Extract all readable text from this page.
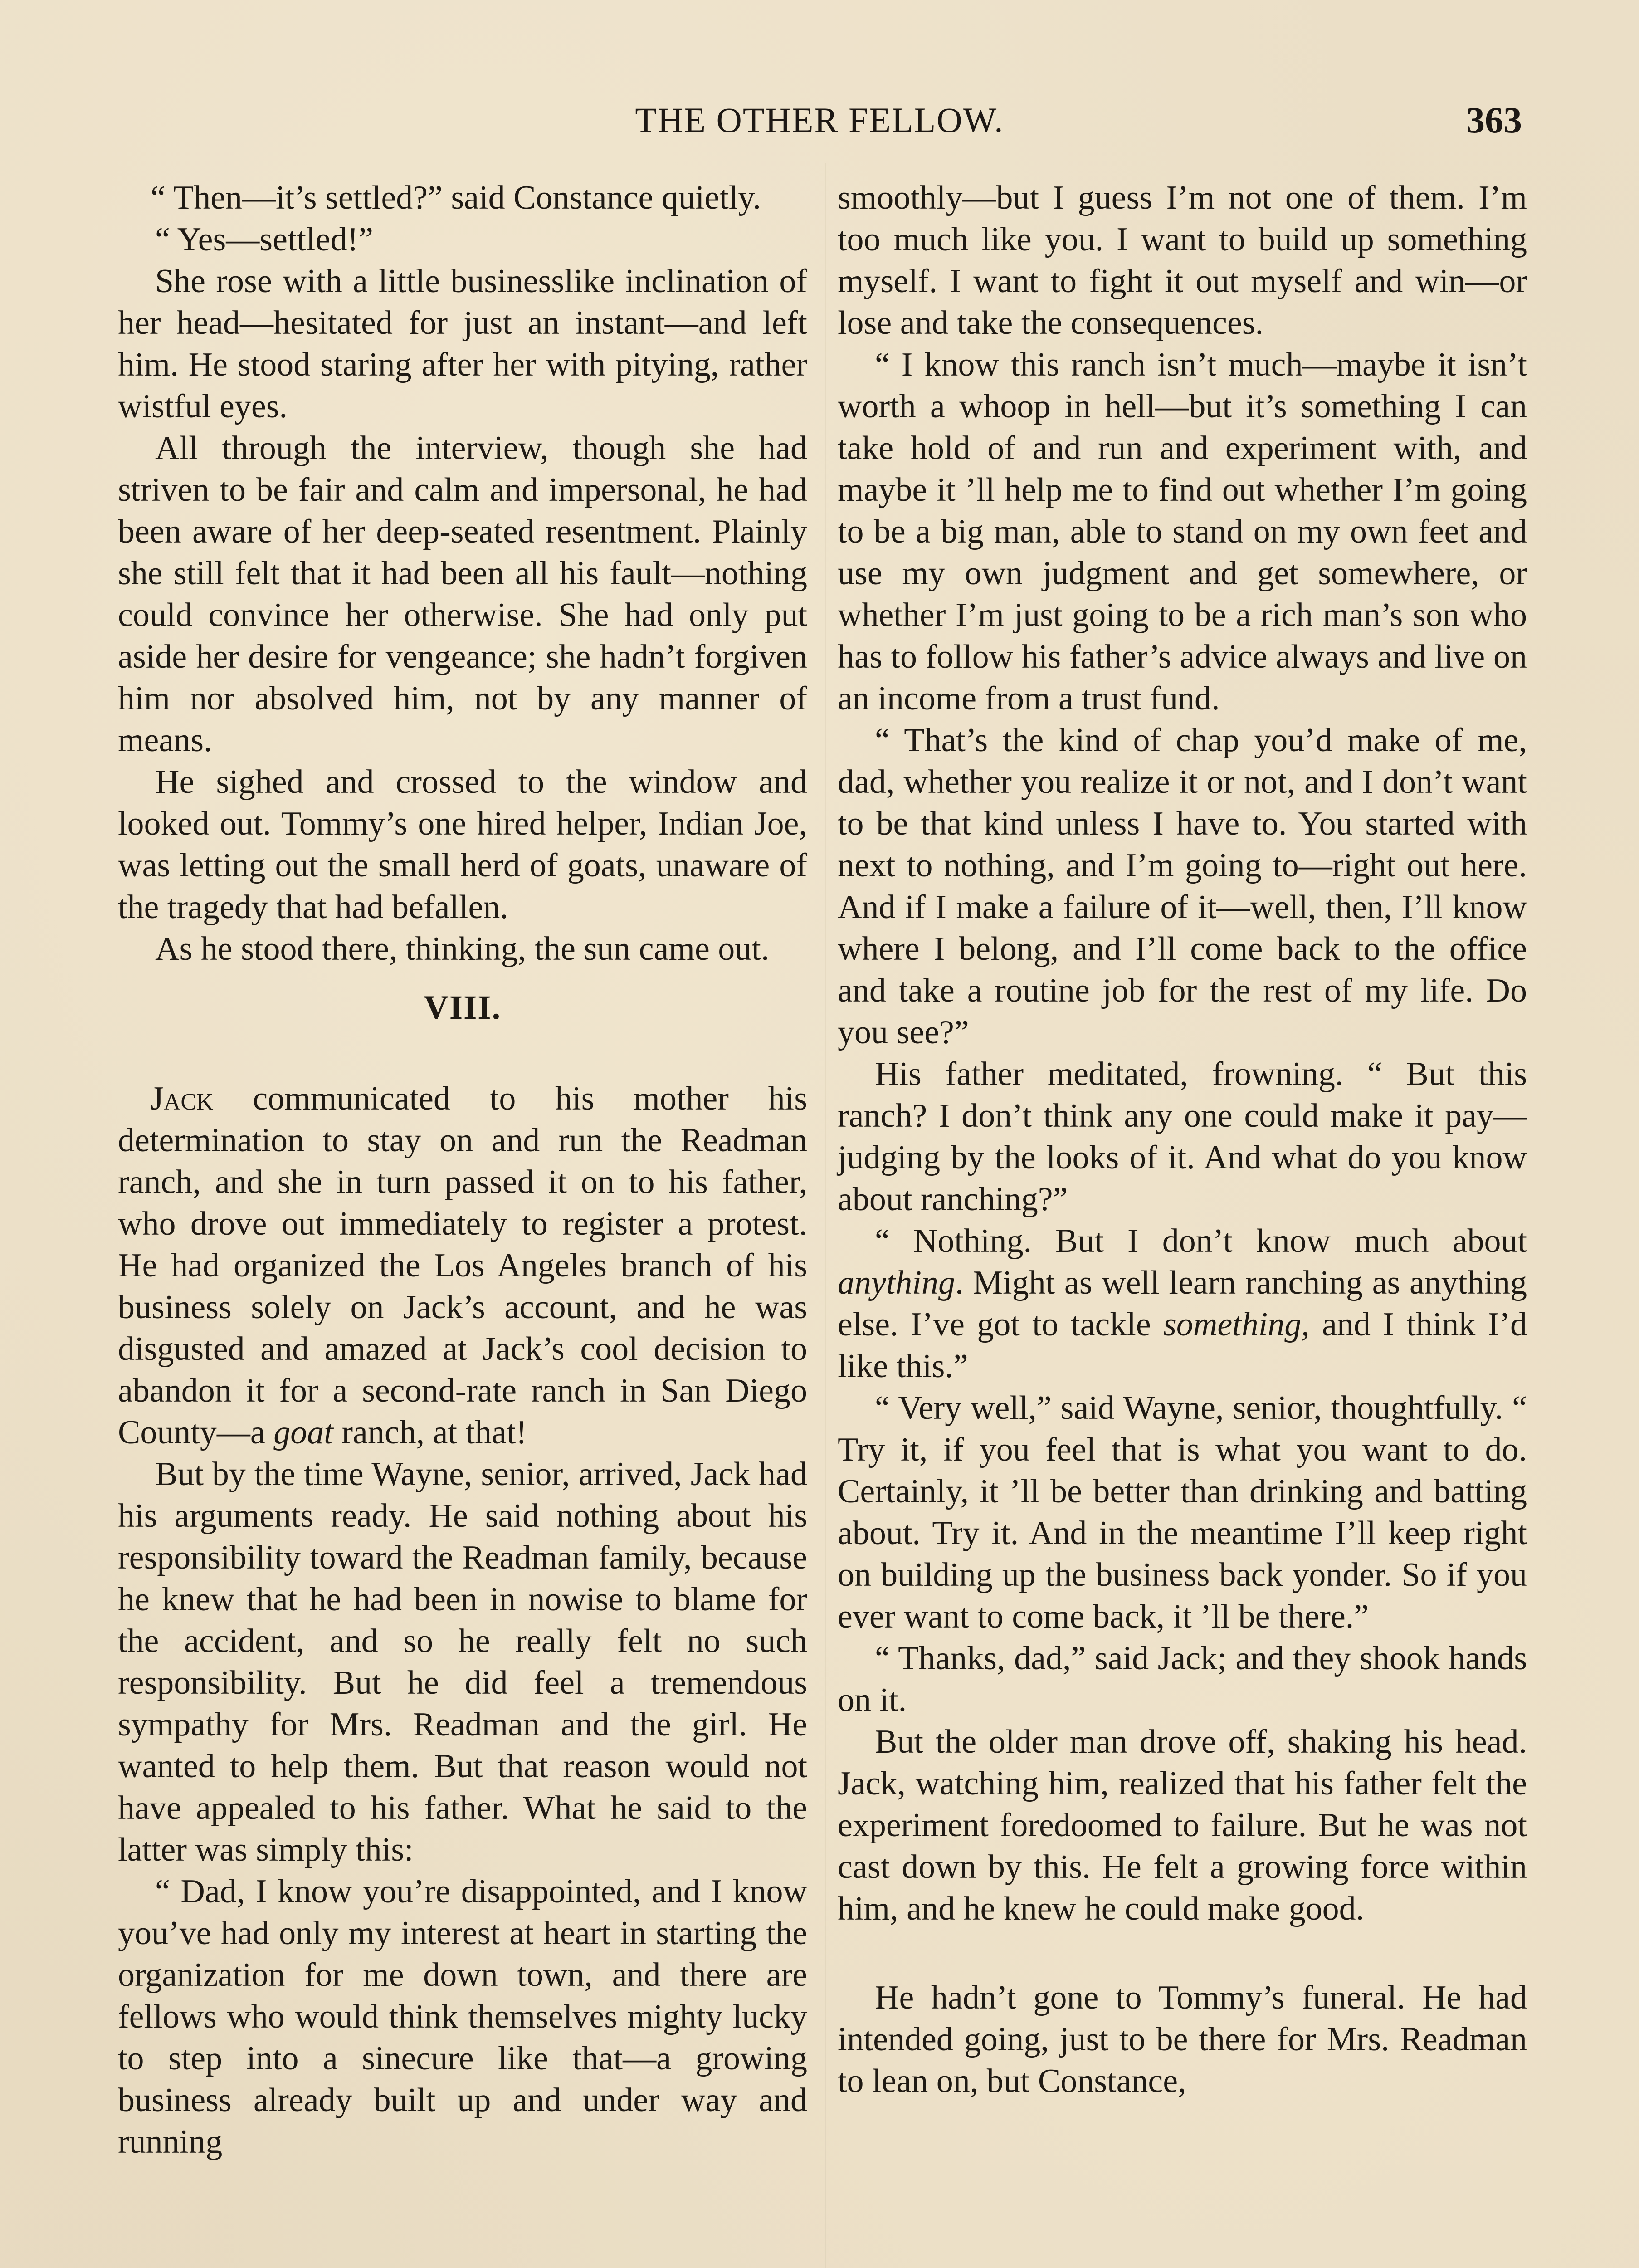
THE OTHER FELLOW.	363

“ Then—it’s settled?” said Constance quietly.

“ Yes—settled!”

She rose with a little businesslike inclination of her head—hesitated for just an instant—and left him. He stood staring after her with pitying, rather wistful eyes.

All through the interview, though she had striven to be fair and calm and impersonal, he had been aware of her deep-seated resentment. Plainly she still felt that it had been all his fault—nothing could convince her otherwise. She had only put aside her desire for vengeance; she hadn’t forgiven him nor absolved him, not by any manner of means.

He sighed and crossed to the window and looked out. Tommy’s one hired helper, Indian Joe, was letting out the small herd of goats, unaware of the tragedy that had befallen.

As he stood there, thinking, the sun came out.

VIII.

Jack communicated to his mother his determination to stay on and run the Readman ranch, and she in turn passed it on to his father, who drove out immediately to register a protest. He had organized the Los Angeles branch of his business solely on Jack’s account, and he was disgusted and amazed at Jack’s cool decision to abandon it for a second-rate ranch in San Diego County—a goat ranch, at that!

But by the time Wayne, senior, arrived, Jack had his arguments ready. He said nothing about his responsibility toward the Readman family, because he knew that he had been in nowise to blame for the accident, and so he really felt no such responsibility. But he did feel a tremendous sympathy for Mrs. Readman and the girl. He wanted to help them. But that reason would not have appealed to his father. What he said to the latter was simply this:

“ Dad, I know you’re disappointed, and I know you’ve had only my interest at heart in starting the organization for me down town, and there are fellows who would think themselves mighty lucky to step into a sinecure like that—a growing business already built up and under way and running

smoothly—but I guess I’m not one of them. I’m too much like you. I want to build up something myself. I want to fight it out myself and win—or lose and take the consequences.

“ I know this ranch isn’t much—maybe it isn’t worth a whoop in hell—but it’s something I can take hold of and run and experiment with, and maybe it ’ll help me to find out whether I’m going to be a big man, able to stand on my own feet and use my own judgment and get somewhere, or whether I’m just going to be a rich man’s son who has to follow his father’s advice always and live on an income from a trust fund.

“ That’s the kind of chap you’d make of me, dad, whether you realize it or not, and I don’t want to be that kind unless I have to. You started with next to nothing, and I’m going to—right out here. And if I make a failure of it—well, then, I’ll know where I belong, and I’ll come back to the office and take a routine job for the rest of my life. Do you see?”

His father meditated, frowning. “ But this ranch? I don’t think any one could make it pay—judging by the looks of it. And what do you know about ranching?”

“ Nothing. But I don’t know much about anything. Might as well learn ranching as anything else. I’ve got to tackle something, and I think I’d like this.”

“ Very well,” said Wayne, senior, thoughtfully. “ Try it, if you feel that is what you want to do. Certainly, it ’ll be better than drinking and batting about. Try it. And in the meantime I’ll keep right on building up the business back yonder. So if you ever want to come back, it ’ll be there.”

“ Thanks, dad,” said Jack; and they shook hands on it.

But the older man drove off, shaking his head. Jack, watching him, realized that his father felt the experiment foredoomed to failure. But he was not cast down by this. He felt a growing force within him, and he knew he could make good.

He hadn’t gone to Tommy’s funeral. He had intended going, just to be there for Mrs. Readman to lean on, but Constance,
